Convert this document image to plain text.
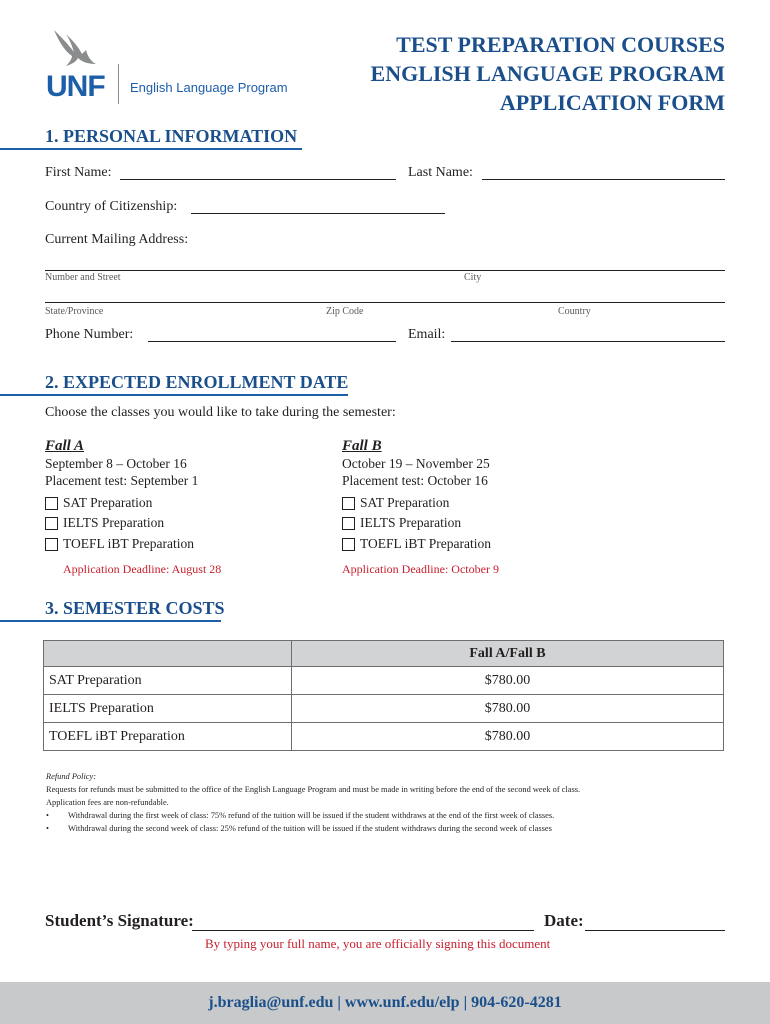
UNF English Language Program
TEST PREPARATION COURSES
ENGLISH LANGUAGE PROGRAM
APPLICATION FORM
1. PERSONAL INFORMATION
First Name:	Last Name:
Country of Citizenship:
Current Mailing Address:
Number and Street	City
State/Province	Zip Code	Country
Phone Number:	Email:
2. EXPECTED ENROLLMENT DATE
Choose the classes you would like to take during the semester:
Fall A
September 8 – October 16
Placement test: September 1
SAT Preparation
IELTS Preparation
TOEFL iBT Preparation
Application Deadline: August 28
Fall B
October 19 – November 25
Placement test: October 16
SAT Preparation
IELTS Preparation
TOEFL iBT Preparation
Application Deadline: October 9
3. SEMESTER COSTS
	Fall A/Fall B
SAT Preparation	$780.00
IELTS Preparation	$780.00
TOEFL iBT Preparation	$780.00
Refund Policy:
Requests for refunds must be submitted to the office of the English Language Program and must be made in writing before the end of the second week of class.
Application fees are non-refundable.
•	Withdrawal during the first week of class: 75% refund of the tuition will be issued if the student withdraws at the end of the first week of classes.
•	Withdrawal during the second week of class: 25% refund of the tuition will be issued if the student withdraws during the second week of classes
Student’s Signature:	Date:
By typing your full name, you are officially signing this document
j.braglia@unf.edu | www.unf.edu/elp | 904-620-4281
